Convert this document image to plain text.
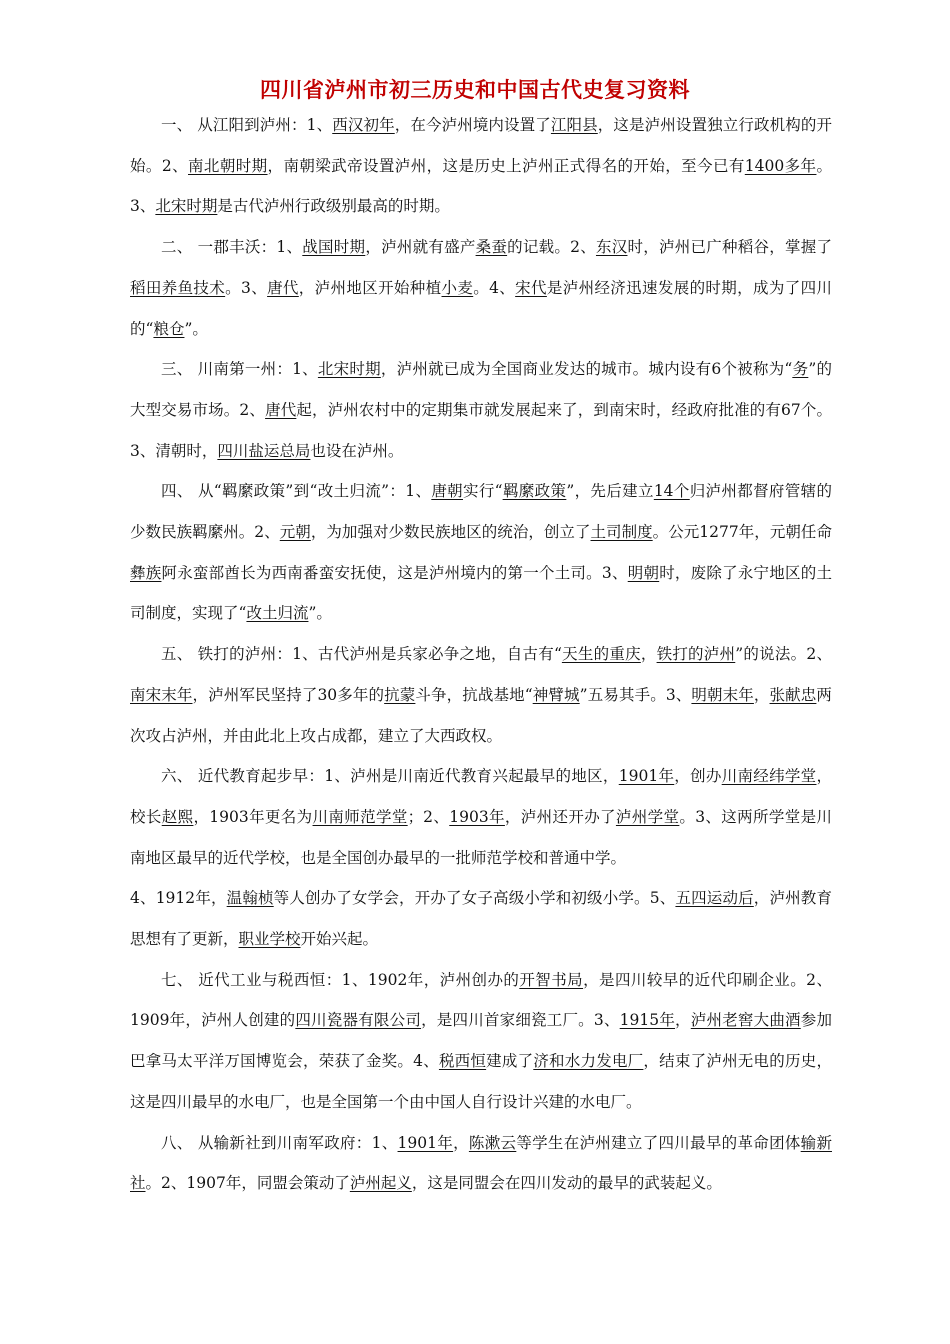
四川省泸州市初三历史和中国古代史复习资料

一、 从江阳到泸州：1、西汉初年，在今泸州境内设置了江阳县，这是泸州设置独立行政机构的开始。2、南北朝时期，南朝梁武帝设置泸州，这是历史上泸州正式得名的开始，至今已有1400多年。3、北宋时期是古代泸州行政级别最高的时期。

二、 一郡丰沃：1、战国时期，泸州就有盛产桑蚕的记载。2、东汉时，泸州已广种稻谷，掌握了稻田养鱼技术。3、唐代，泸州地区开始种植小麦。4、宋代是泸州经济迅速发展的时期，成为了四川的“粮仓”。

三、 川南第一州：1、北宋时期，泸州就已成为全国商业发达的城市。城内设有6个被称为“务”的大型交易市场。2、唐代起，泸州农村中的定期集市就发展起来了，到南宋时，经政府批准的有67个。3、清朝时，四川盐运总局也设在泸州。

四、 从“羁縻政策”到“改土归流”：1、唐朝实行“羁縻政策”，先后建立14个归泸州都督府管辖的少数民族羁縻州。2、元朝，为加强对少数民族地区的统治，创立了土司制度。公元1277年，元朝任命彝族阿永蛮部酋长为西南番蛮安抚使，这是泸州境内的第一个土司。3、明朝时，废除了永宁地区的土司制度，实现了“改土归流”。

五、 铁打的泸州：1、古代泸州是兵家必争之地，自古有“天生的重庆，铁打的泸州”的说法。2、南宋末年，泸州军民坚持了30多年的抗蒙斗争，抗战基地“神臂城”五易其手。3、明朝末年，张献忠两次攻占泸州，并由此北上攻占成都，建立了大西政权。

六、 近代教育起步早：1、泸州是川南近代教育兴起最早的地区，1901年，创办川南经纬学堂，校长赵熙，1903年更名为川南师范学堂；2、1903年，泸州还开办了泸州学堂。3、这两所学堂是川南地区最早的近代学校，也是全国创办最早的一批师范学校和普通中学。

4、1912年，温翰桢等人创办了女学会，开办了女子高级小学和初级小学。5、五四运动后，泸州教育思想有了更新，职业学校开始兴起。

七、 近代工业与税西恒：1、1902年，泸州创办的开智书局，是四川较早的近代印刷企业。2、1909年，泸州人创建的四川瓷器有限公司，是四川首家细瓷工厂。3、1915年，泸州老窖大曲酒参加巴拿马太平洋万国博览会，荣获了金奖。4、税西恒建成了济和水力发电厂，结束了泸州无电的历史，这是四川最早的水电厂，也是全国第一个由中国人自行设计兴建的水电厂。

八、 从输新社到川南军政府：1、1901年，陈漱云等学生在泸州建立了四川最早的革命团体输新社。2、1907年，同盟会策动了泸州起义，这是同盟会在四川发动的最早的武装起义。
